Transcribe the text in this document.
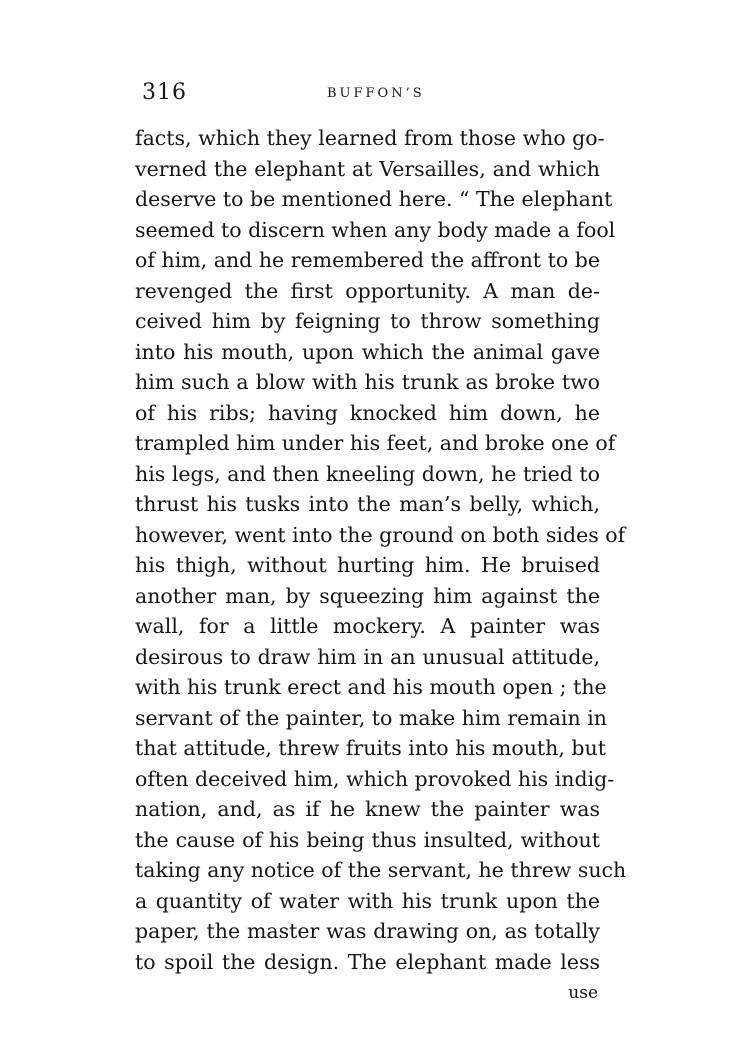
316	BUFFON’S
facts, which they learned from those who go-
verned the elephant at Versailles, and which
deserve to be mentioned here. “ The elephant
seemed to discern when any body made a fool
of him, and he remembered the affront to be
revenged the first opportunity. A man de-
ceived him by feigning to throw something
into his mouth, upon which the animal gave
him such a blow with his trunk as broke two
of his ribs; having knocked him down, he
trampled him under his feet, and broke one of
his legs, and then kneeling down, he tried to
thrust his tusks into the man’s belly, which,
however, went into the ground on both sides of
his thigh, without hurting him. He bruised
another man, by squeezing him against the
wall, for a little mockery. A painter was
desirous to draw him in an unusual attitude,
with his trunk erect and his mouth open ; the
servant of the painter, to make him remain in
that attitude, threw fruits into his mouth, but
often deceived him, which provoked his indig-
nation, and, as if he knew the painter was
the cause of his being thus insulted, without
taking any notice of the servant, he threw such
a quantity of water with his trunk upon the
paper, the master was drawing on, as totally
to spoil the design. The elephant made less
use
